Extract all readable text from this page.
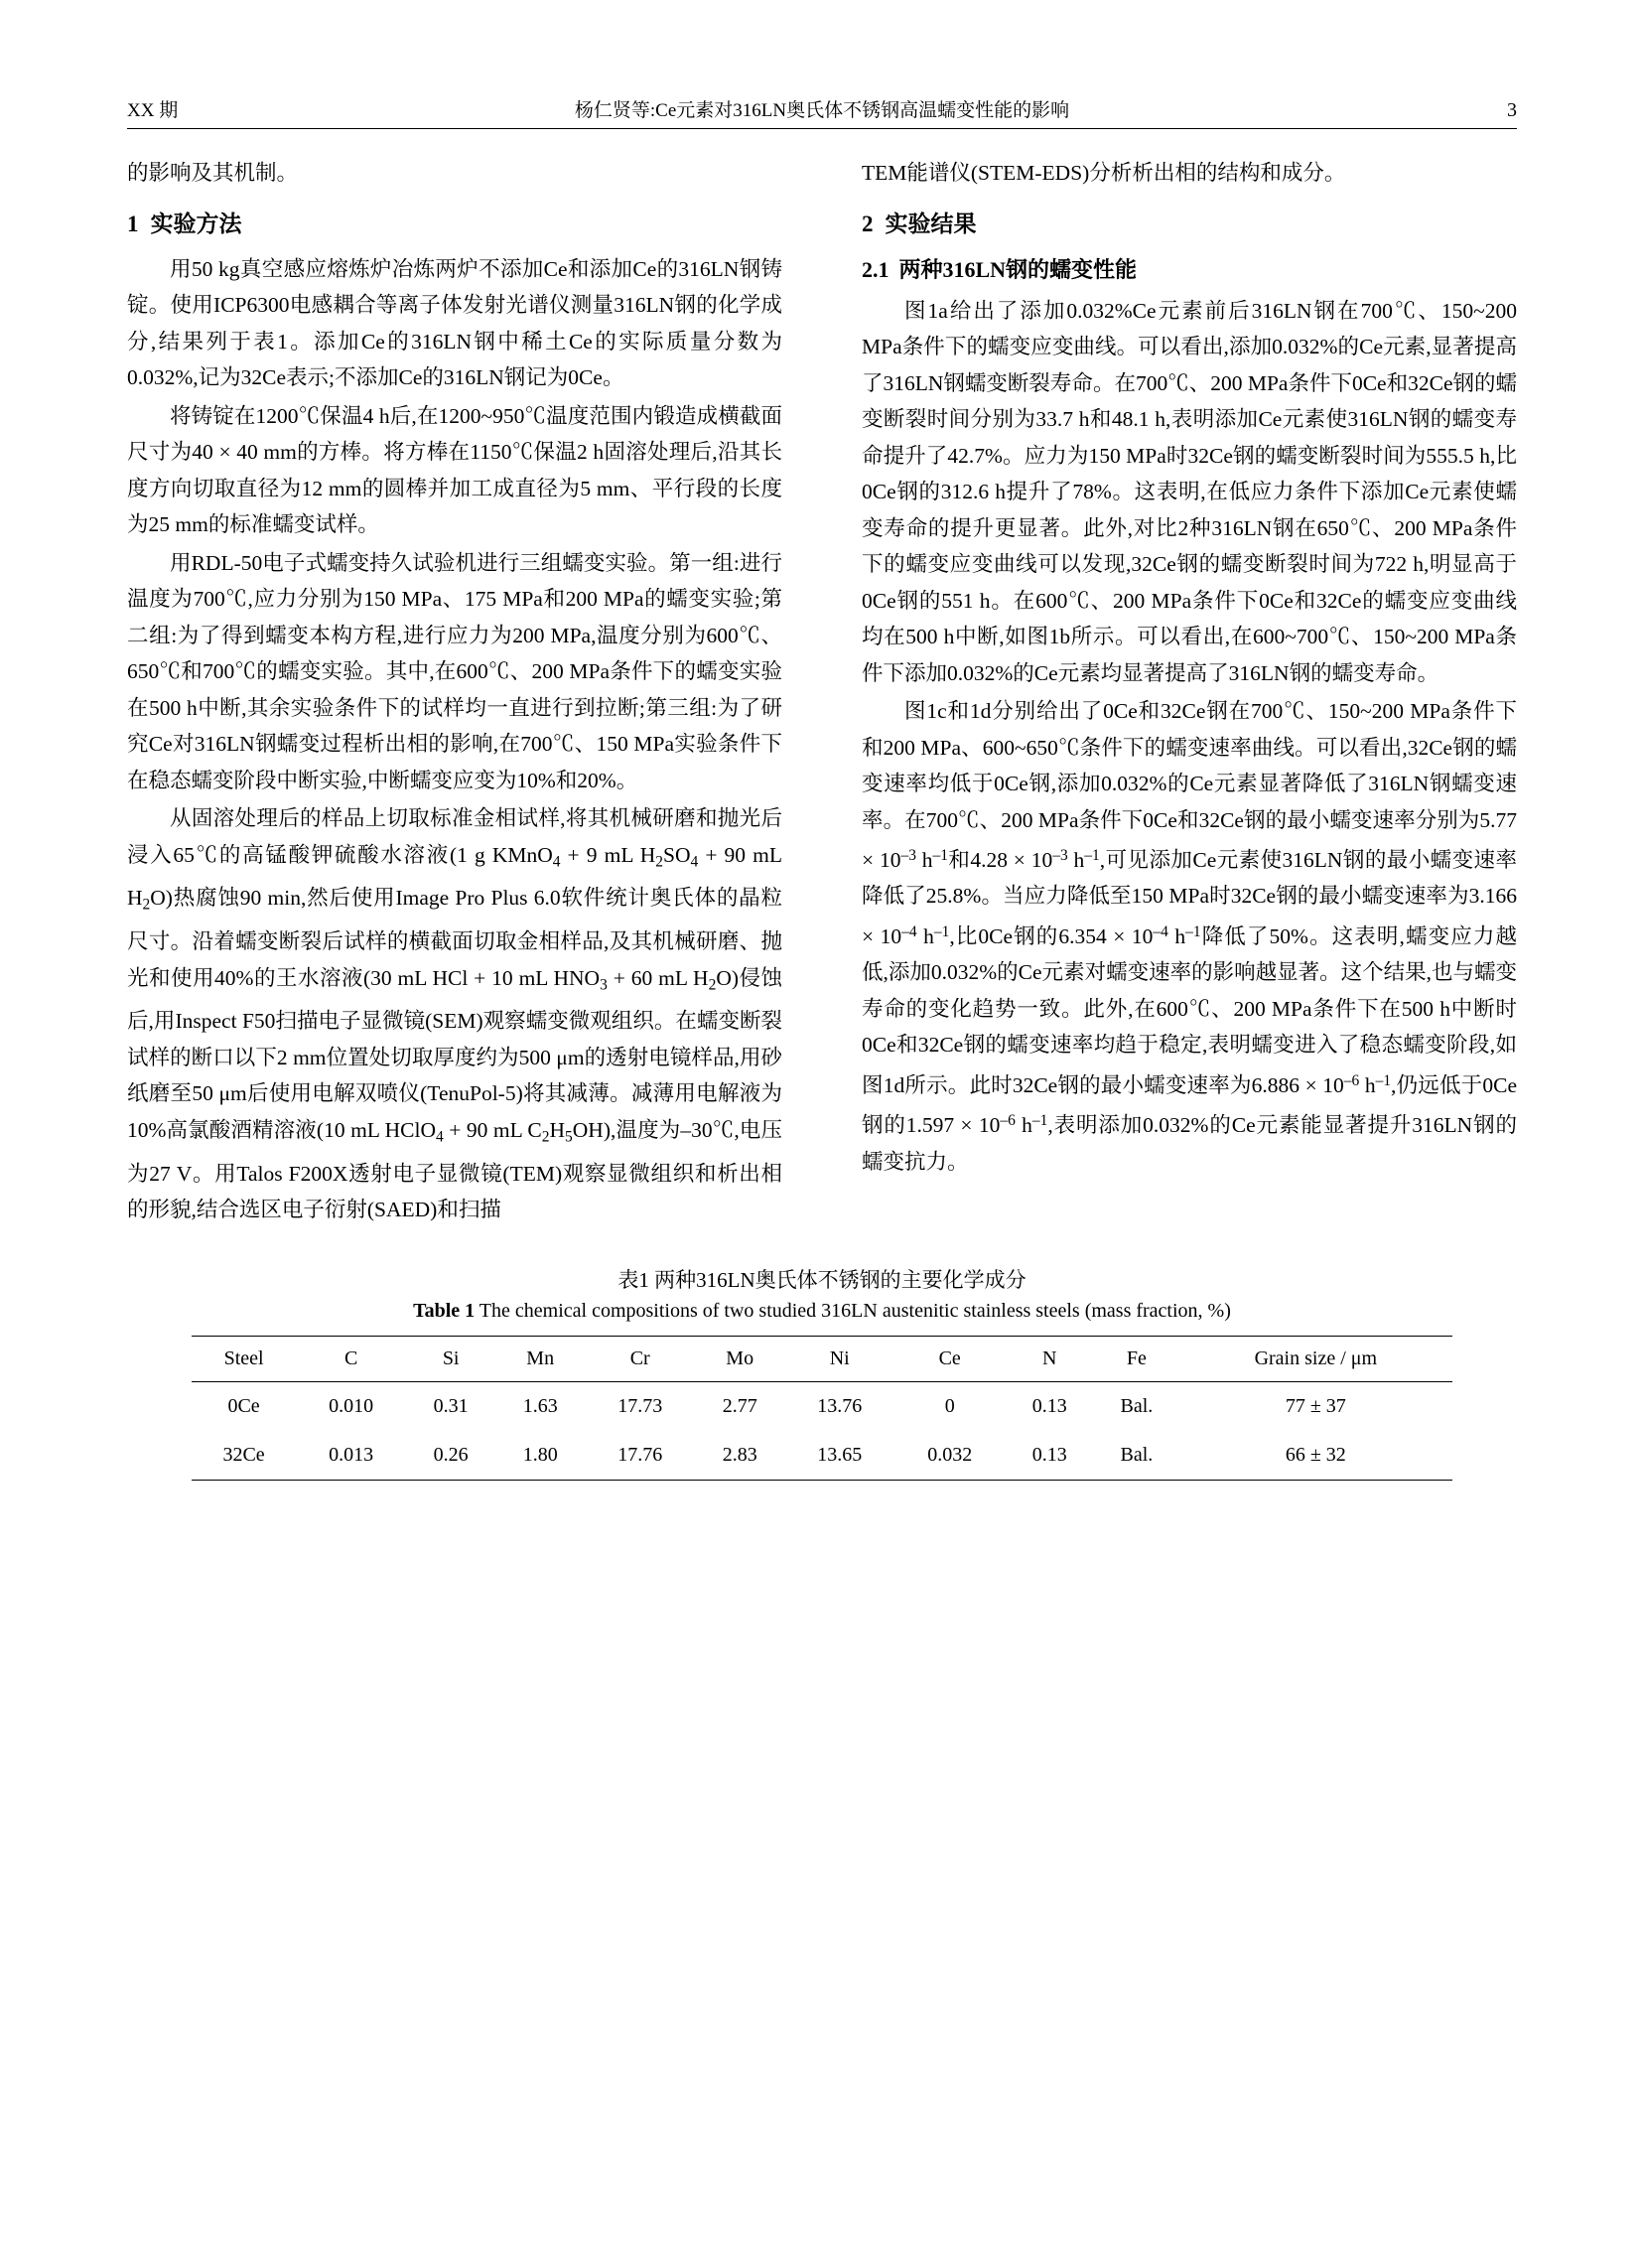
XX 期	杨仁贤等:Ce元素对316LN奥氏体不锈钢高温蠕变性能的影响	3

的影响及其机制。

1 实验方法

用50 kg真空感应熔炼炉冶炼两炉不添加Ce和添加Ce的316LN钢铸锭。使用ICP6300电感耦合等离子体发射光谱仪测量316LN钢的化学成分,结果列于表1。添加Ce的316LN钢中稀土Ce的实际质量分数为0.032%,记为32Ce表示;不添加Ce的316LN钢记为0Ce。

将铸锭在1200℃保温4 h后,在1200~950℃温度范围内锻造成横截面尺寸为40 × 40 mm的方棒。将方棒在1150℃保温2 h固溶处理后,沿其长度方向切取直径为12 mm的圆棒并加工成直径为5 mm、平行段的长度为25 mm的标准蠕变试样。

用RDL-50电子式蠕变持久试验机进行三组蠕变实验。第一组:进行温度为700℃,应力分别为150 MPa、175 MPa和200 MPa的蠕变实验;第二组:为了得到蠕变本构方程,进行应力为200 MPa,温度分别为600℃、650℃和700℃的蠕变实验。其中,在600℃、200 MPa条件下的蠕变实验在500 h中断,其余实验条件下的试样均一直进行到拉断;第三组:为了研究Ce对316LN钢蠕变过程析出相的影响,在700℃、150 MPa实验条件下在稳态蠕变阶段中断实验,中断蠕变应变为10%和20%。

从固溶处理后的样品上切取标准金相试样,将其机械研磨和抛光后浸入65℃的高锰酸钾硫酸水溶液(1 g KMnO$_4$ + 9 mL $H_2SO_4 + 90$ mL $H_2O$)热腐蚀90 min,然后使用Image Pro Plus 6.0软件统计奥氏体的晶粒尺寸。沿着蠕变断裂后试样的横截面切取金相样品,及其机械研磨、抛光和使用40%的王水溶液(30 mL HCl + 10 mL $HNO_3 + 60$ mL $H_2O$)侵蚀后,用Inspect F50扫描电子显微镜(SEM)观察蠕变微观组织。在蠕变断裂试样的断口以下2 mm位置处切取厚度约为500 μm的透射电镜样品,用砂纸磨至50 μm后使用电解双喷仪(TenuPol-5)将其减薄。减薄用电解液为10%高氯酸酒精溶液(10 mL HClO$_4$ + 90 mL $C_2H_5OH$),温度为–30℃,电压为27 V。用Talos F200X透射电子显微镜(TEM)观察显微组织和析出相的形貌,结合选区电子衍射(SAED)和扫描

TEM能谱仪(STEM-EDS)分析析出相的结构和成分。

2 实验结果
2.1 两种316LN钢的蠕变性能

图1a给出了添加0.032%Ce元素前后316LN钢在700℃、150~200 MPa条件下的蠕变应变曲线。可以看出,添加0.032%的Ce元素,显著提高了316LN钢蠕变断裂寿命。在700℃、200 MPa条件下0Ce和32Ce钢的蠕变断裂时间分别为33.7 h和48.1 h,表明添加Ce元素使316LN钢的蠕变寿命提升了42.7%。应力为150 MPa时32Ce钢的蠕变断裂时间为555.5 h,比0Ce钢的312.6 h提升了78%。这表明,在低应力条件下添加Ce元素使蠕变寿命的提升更显著。此外,对比2种316LN钢在650℃、200 MPa条件下的蠕变应变曲线可以发现,32Ce钢的蠕变断裂时间为722 h,明显高于0Ce钢的551 h。在600℃、200 MPa条件下0Ce和32Ce的蠕变应变曲线均在500 h中断,如图1b所示。可以看出,在600~700℃、150~200 MPa条件下添加0.032%的Ce元素均显著提高了316LN钢的蠕变寿命。

图1c和1d分别给出了0Ce和32Ce钢在700℃、150~200 MPa条件下和200 MPa、600~650℃条件下的蠕变速率曲线。可以看出,32Ce钢的蠕变速率均低于0Ce钢,添加0.032%的Ce元素显著降低了316LN钢蠕变速率。在700℃、200 MPa条件下0Ce和32Ce钢的最小蠕变速率分别为$5.77 \times 10^{-3}$ $h^{-1}$和$4.28 \times 10^{-3}$ $h^{-1}$,可见添加Ce元素使316LN钢的最小蠕变速率降低了25.8%。当应力降低至150 MPa时32Ce钢的最小蠕变速率为$3.166 \times 10^{-4}$ $h^{-1}$,比0Ce钢的$6.354 \times 10^{-4}$ $h^{-1}$降低了50%。这表明,蠕变应力越低,添加0.032%的Ce元素对蠕变速率的影响越显著。这个结果,也与蠕变寿命的变化趋势一致。此外,在600℃、200 MPa条件下在500 h中断时0Ce和32Ce钢的蠕变速率均趋于稳定,表明蠕变进入了稳态蠕变阶段,如图1d所示。此时32Ce钢的最小蠕变速率为$6.886 \times 10^{-6}$ $h^{-1}$,仍远低于0Ce钢的$1.597 \times 10^{-6}$ $h^{-1}$,表明添加0.032%的Ce元素能显著提升316LN钢的蠕变抗力。

表1 两种316LN奥氏体不锈钢的主要化学成分
Table 1 The chemical compositions of two studied 316LN austenitic stainless steels (mass fraction, %)
Steel	C	Si	Mn	Cr	Mo	Ni	Ce	N	Fe	Grain size / μm
0Ce	0.010	0.31	1.63	17.73	2.77	13.76	0	0.13	Bal.	77 ± 37
32Ce	0.013	0.26	1.80	17.76	2.83	13.65	0.032	0.13	Bal.	66 ± 32
